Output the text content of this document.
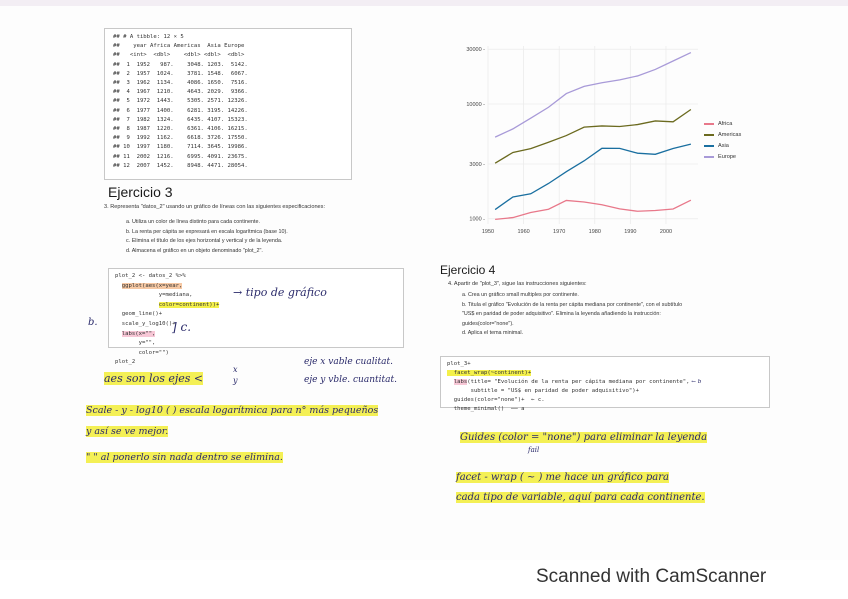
## # A tibble: 12 × 5
##    year Africa Americas  Asia Europe
##   <int>  <dbl>    <dbl> <dbl>  <dbl>
##  1  1952   987.    3048. 1203.  5142.
##  2  1957  1024.    3781. 1548.  6067.
##  3  1962  1134.    4086. 1650.  7516.
##  4  1967  1210.    4643. 2029.  9366.
##  5  1972  1443.    5305. 2571. 12326.
##  6  1977  1400.    6281. 3195. 14226.
##  7  1982  1324.    6435. 4107. 15323.
##  8  1987  1220.    6361. 4106. 16215.
##  9  1992  1162.    6618. 3726. 17550.
## 10  1997  1180.    7114. 3645. 19986.
## 11  2002  1216.    6995. 4091. 23675.
## 12  2007  1452.    8948. 4471. 28054.
1000 -
3000 -
10000 -
30000 -
1950	1960	1970	1980	1990	2000
Africa
Americas
Asia
Europe
Ejercicio 3
3. Representa "datos_2" usando un gráfico de líneas con las siguientes especificaciones:
a. Utiliza un color de línea distinto para cada continente.
b. La renta per cápita se expresará en escala logarítmica (base 10).
c. Elimina el título de los ejes horizontal y vertical y de la leyenda.
d. Almacena el gráfico en un objeto denominado "plot_2".
plot_2 <- datos_2 %>%
ggplot(aes(x=year,
y=mediana,
color=continent))+
geom_line()+
scale_y_log10()+
labs(x="",
y="",
color="")
plot_2
→ tipo de gráfico
b.	] c.
aes son los ejes <
x
y
eje x vable cualitat.
eje y vble. cuantitat.
Scale - y - log10 ( ) escala logarítmica para n° más pequeños
y así se ve mejor.
" " al ponerlo sin nada dentro se elimina.
Ejercicio 4
4. Apartir de "plot_3", sigue las instrucciones siguientes:
a. Crea un gráfico small multiples por continente.
b. Titula el gráfico "Evolución de la renta per cápita mediana por continente", con el subtítulo
"US$ en paridad de poder adquisitivo". Elimina la leyenda añadiendo la instrucción:
guides(color="none").
d. Aplica el tema minimal.
plot_3+
facet_wrap(~continent)+
labs(title= "Evolución de la renta per cápita mediana por continente", ← b
subtitle = "US$ en paridad de poder adquisitivo")+
guides(color="none")+  ← c.
theme_minimal()  ── a
Guides (color = "none") para eliminar la leyenda
fail
facet - wrap ( ~ ) me hace un gráfico para
cada tipo de variable, aquí para cada continente.
Scanned with CamScanner
